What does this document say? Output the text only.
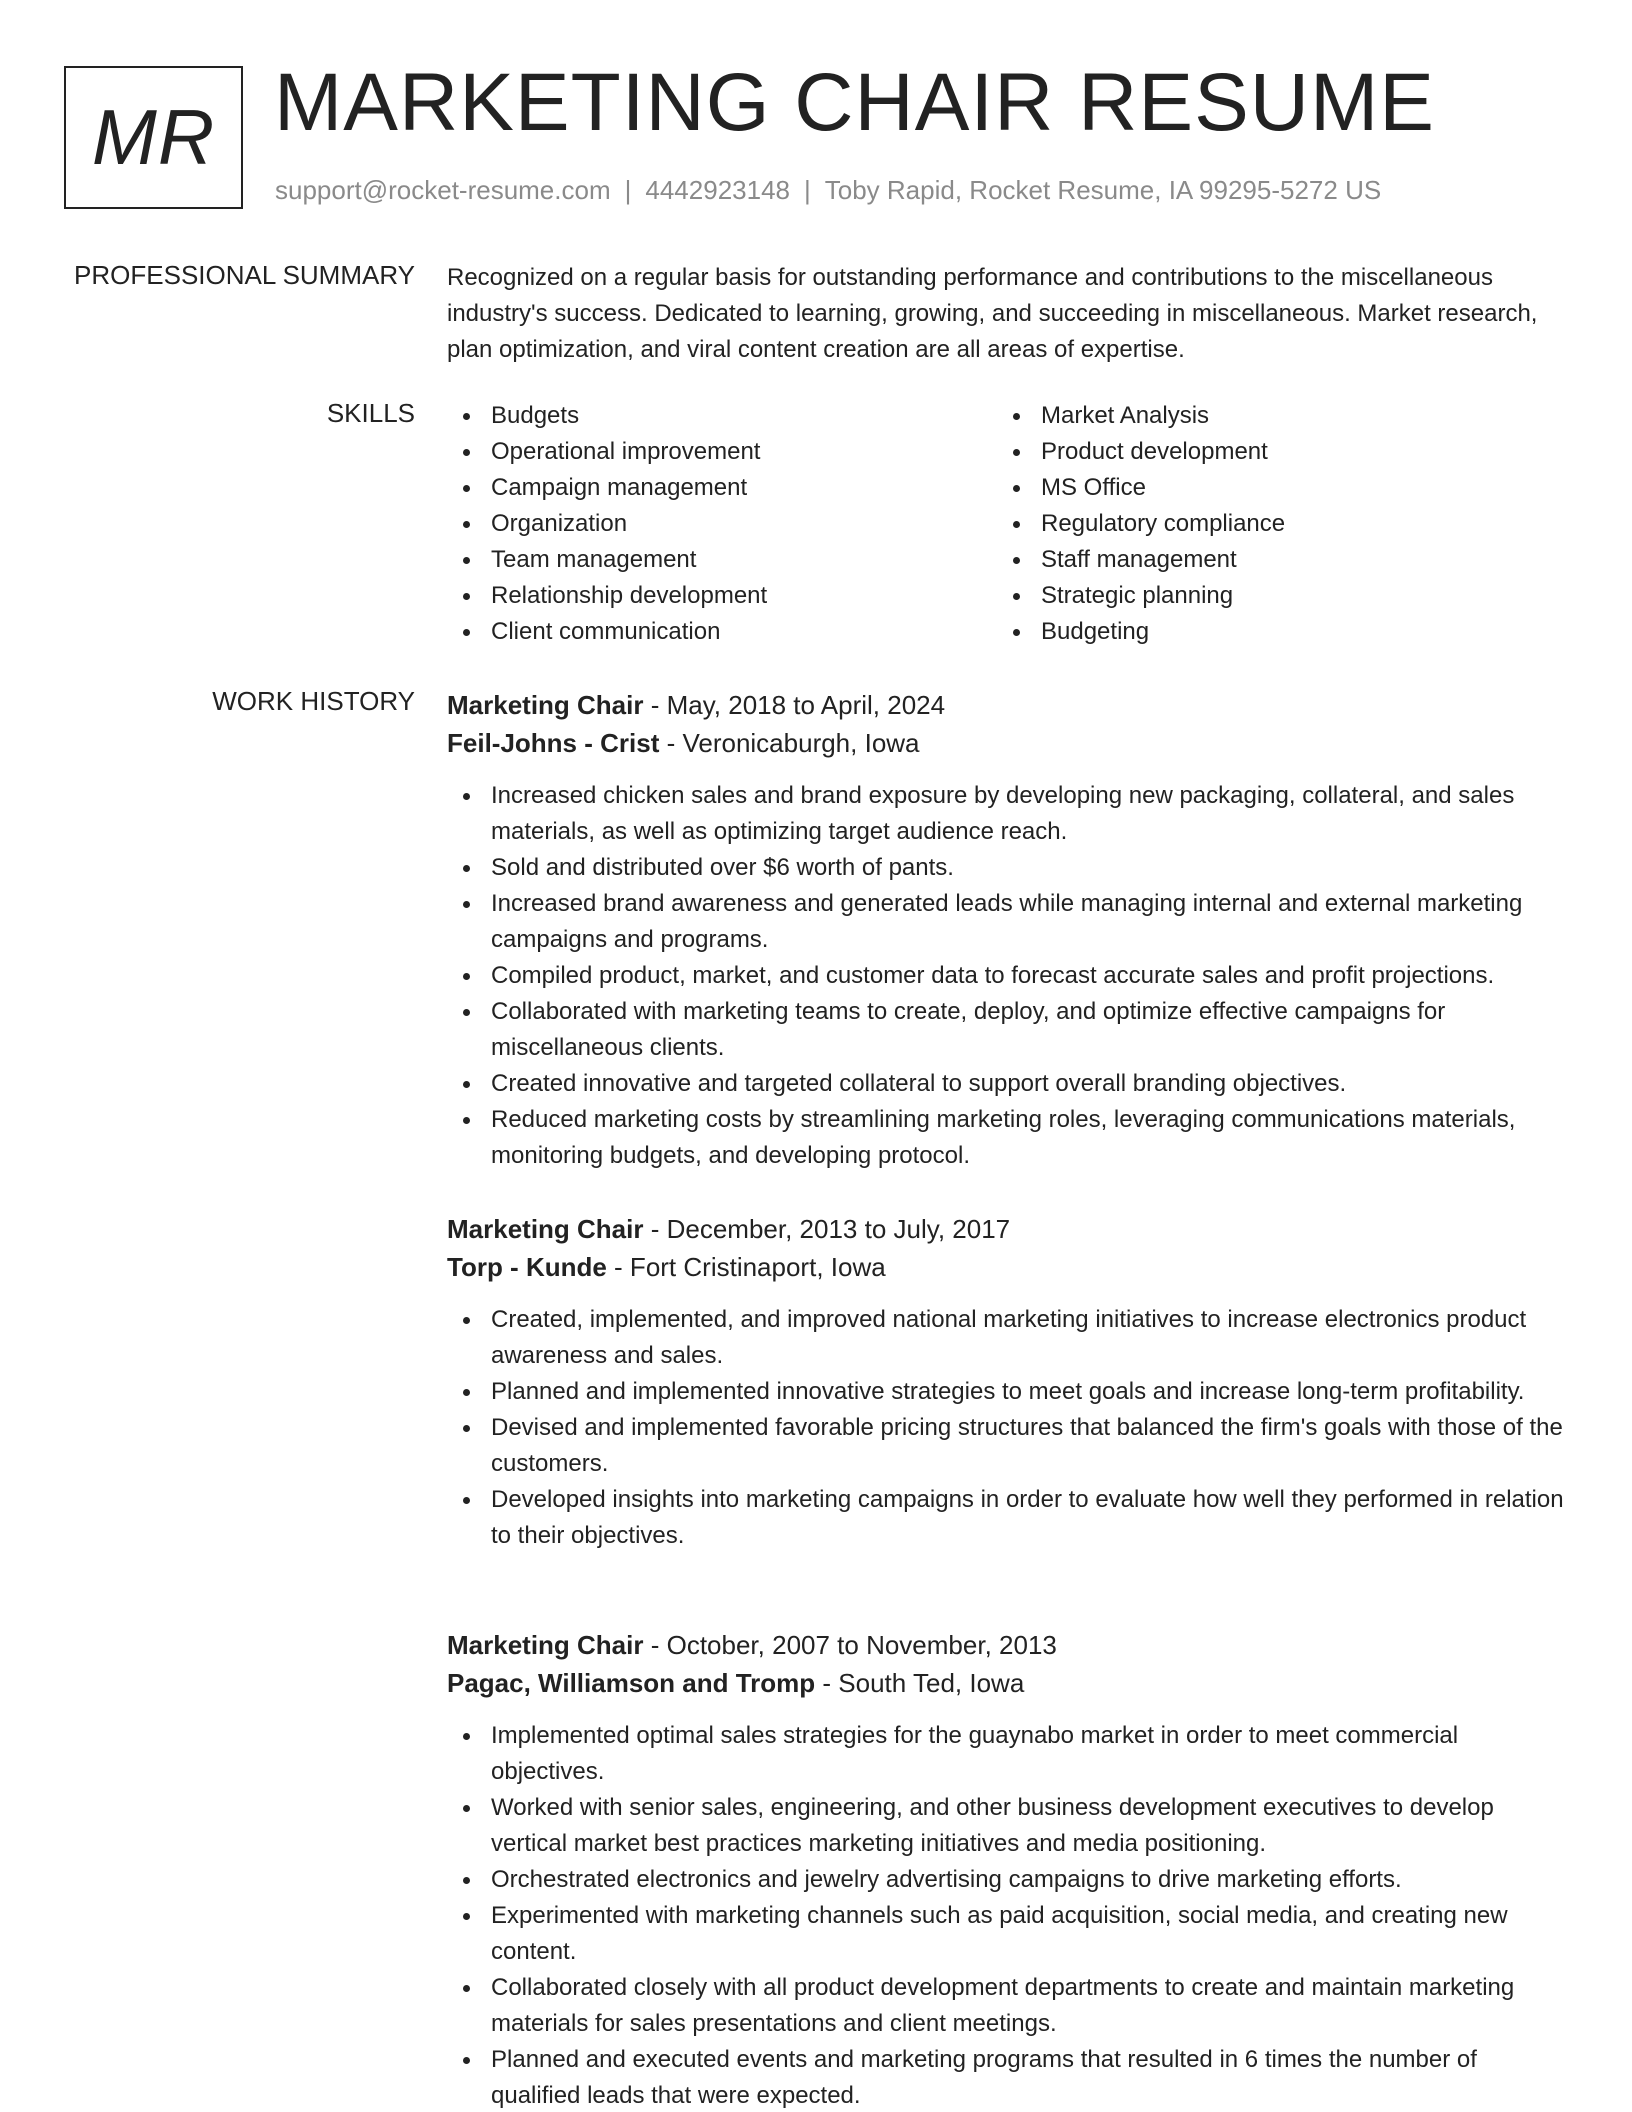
MR MARKETING CHAIR RESUME
support@rocket-resume.com | 4442923148 | Toby Rapid, Rocket Resume, IA 99295-5272 US
PROFESSIONAL SUMMARY Recognized on a regular basis for outstanding performance and contributions to the miscellaneous industry's success. Dedicated to learning, growing, and succeeding in miscellaneous. Market research, plan optimization, and viral content creation are all areas of expertise.
SKILLS	Budgets
Operational improvement
Campaign management
Organization
Team management
Relationship development
Client communication
Market Analysis
Product development
MS Office
Regulatory compliance
Staff management
Strategic planning
Budgeting
WORK HISTORY Marketing Chair - May, 2018 to April, 2024
Feil-Johns - Crist - Veronicaburgh, Iowa
Increased chicken sales and brand exposure by developing new packaging, collateral, and sales materials, as well as optimizing target audience reach.
Sold and distributed over $6 worth of pants.
Increased brand awareness and generated leads while managing internal and external marketing campaigns and programs.
Compiled product, market, and customer data to forecast accurate sales and profit projections.
Collaborated with marketing teams to create, deploy, and optimize effective campaigns for miscellaneous clients.
Created innovative and targeted collateral to support overall branding objectives.
Reduced marketing costs by streamlining marketing roles, leveraging communications materials, monitoring budgets, and developing protocol.
Marketing Chair - December, 2013 to July, 2017
Torp - Kunde - Fort Cristinaport, Iowa
Created, implemented, and improved national marketing initiatives to increase electronics product awareness and sales.
Planned and implemented innovative strategies to meet goals and increase long-term profitability.
Devised and implemented favorable pricing structures that balanced the firm's goals with those of the customers.
Developed insights into marketing campaigns in order to evaluate how well they performed in relation to their objectives.
Marketing Chair - October, 2007 to November, 2013
Pagac, Williamson and Tromp - South Ted, Iowa
Implemented optimal sales strategies for the guaynabo market in order to meet commercial objectives.
Worked with senior sales, engineering, and other business development executives to develop vertical market best practices marketing initiatives and media positioning.
Orchestrated electronics and jewelry advertising campaigns to drive marketing efforts.
Experimented with marketing channels such as paid acquisition, social media, and creating new content.
Collaborated closely with all product development departments to create and maintain marketing materials for sales presentations and client meetings.
Planned and executed events and marketing programs that resulted in 6 times the number of qualified leads that were expected.
